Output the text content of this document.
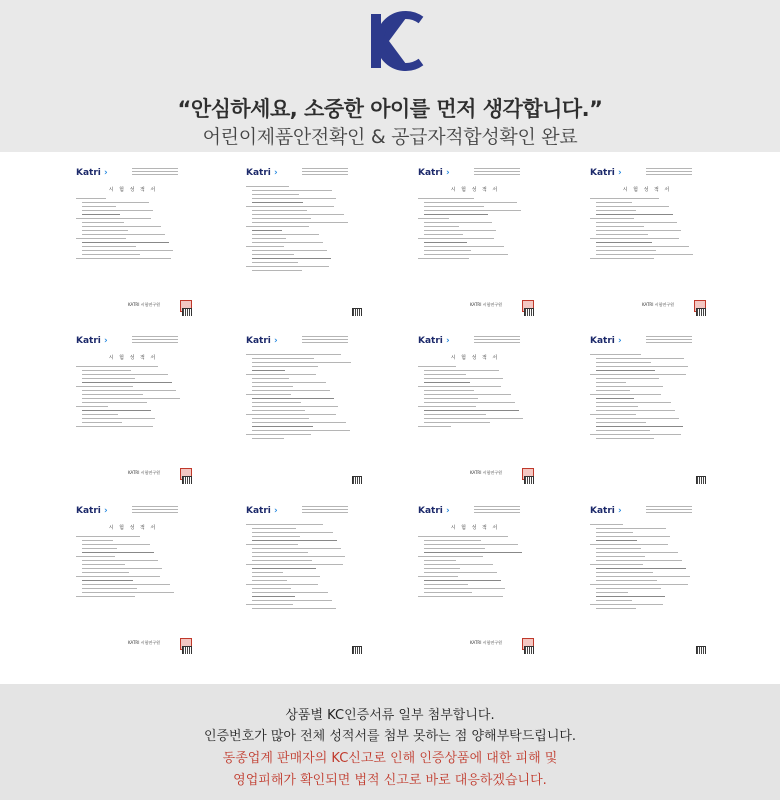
“안심하세요, 소중한 아이를 먼저 생각합니다.”
어린이제품안전확인 & 공급자적합성확인 완료
Katri ›
시 험 성 적 서
KATRI 시험연구원
Katri ›	Katri ›
시 험 성 적 서
KATRI 시험연구원
Katri ›
시 험 성 적 서
KATRI 시험연구원
Katri ›
시 험 성 적 서
KATRI 시험연구원
Katri ›	Katri ›
시 험 성 적 서
KATRI 시험연구원
Katri ›
Katri ›
시 험 성 적 서
KATRI 시험연구원
Katri ›	Katri ›
시 험 성 적 서
KATRI 시험연구원
Katri ›
상품별 KC인증서류 일부 첨부합니다.
인증번호가 많아 전체 성적서를 첨부 못하는 점 양해부탁드립니다.
동종업계 판매자의 KC신고로 인해 인증상품에 대한 피해 및
영업피해가 확인되면 법적 신고로 바로 대응하겠습니다.
